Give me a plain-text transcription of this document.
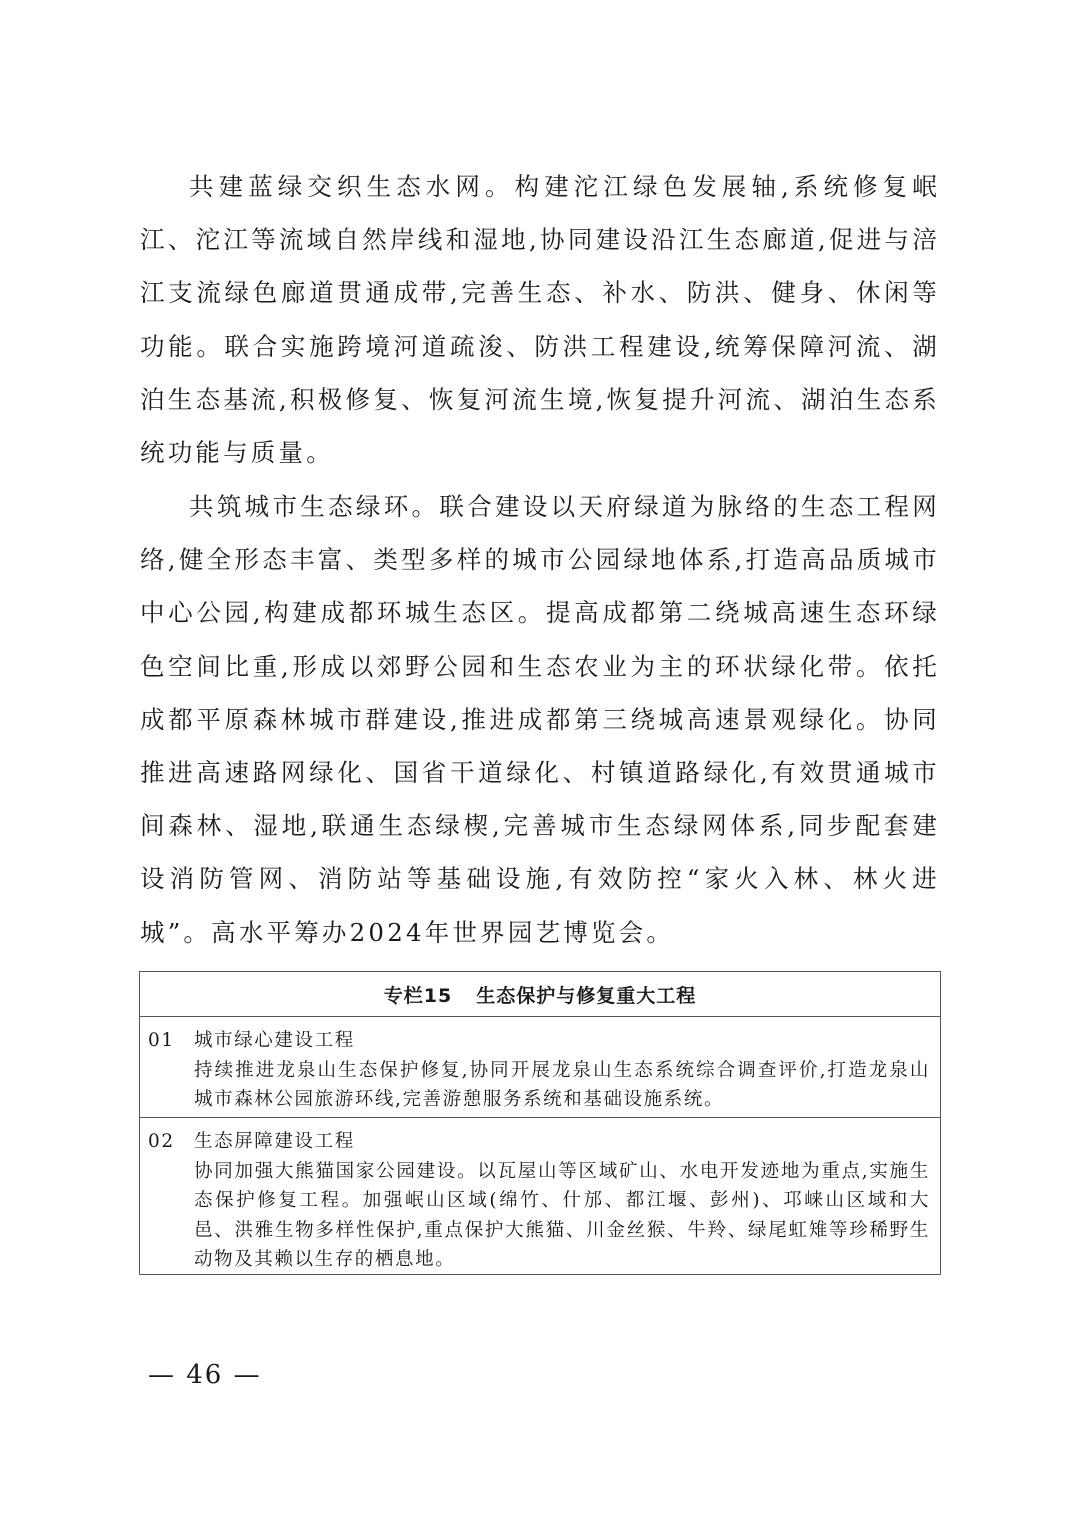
共建蓝绿交织生态水网。构建沱江绿色发展轴,系统修复岷江、沱江等流域自然岸线和湿地,协同建设沿江生态廊道,促进与涪江支流绿色廊道贯通成带,完善生态、补水、防洪、健身、休闲等功能。联合实施跨境河道疏浚、防洪工程建设,统筹保障河流、湖泊生态基流,积极修复、恢复河流生境,恢复提升河流、湖泊生态系统功能与质量。

共筑城市生态绿环。联合建设以天府绿道为脉络的生态工程网络,健全形态丰富、类型多样的城市公园绿地体系,打造高品质城市中心公园,构建成都环城生态区。提高成都第二绕城高速生态环绿色空间比重,形成以郊野公园和生态农业为主的环状绿化带。依托成都平原森林城市群建设,推进成都第三绕城高速景观绿化。协同推进高速路网绿化、国省干道绿化、村镇道路绿化,有效贯通城市间森林、湿地,联通生态绿楔,完善城市生态绿网体系,同步配套建设消防管网、消防站等基础设施,有效防控“家火入林、林火进城”。高水平筹办2024年世界园艺博览会。

专栏15 生态保护与修复重大工程
01 城市绿心建设工程
持续推进龙泉山生态保护修复,协同开展龙泉山生态系统综合调查评价,打造龙泉山城市森林公园旅游环线,完善游憩服务系统和基础设施系统。
02 生态屏障建设工程
协同加强大熊猫国家公园建设。以瓦屋山等区域矿山、水电开发迹地为重点,实施生态保护修复工程。加强岷山区域(绵竹、什邡、都江堰、彭州)、邛崃山区域和大邑、洪雅生物多样性保护,重点保护大熊猫、川金丝猴、牛羚、绿尾虹雉等珍稀野生动物及其赖以生存的栖息地。
— 46 —
